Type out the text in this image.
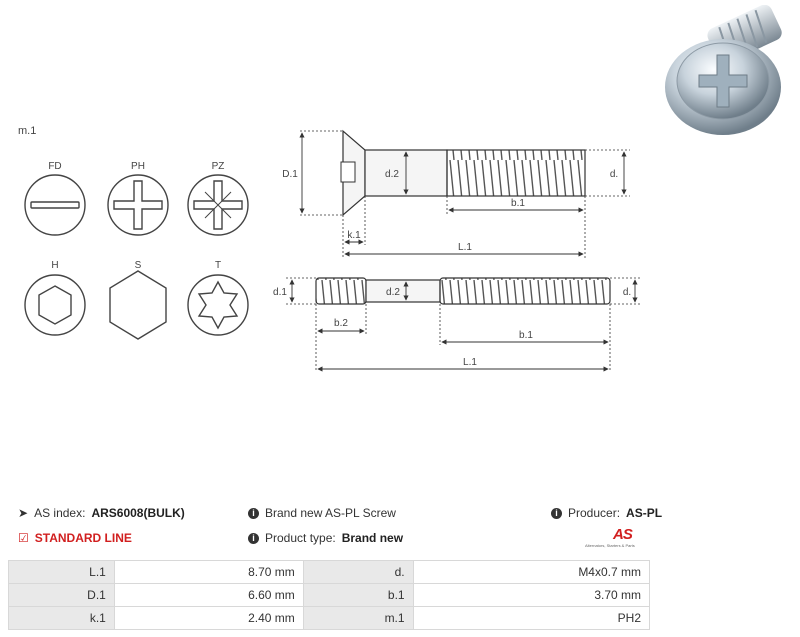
m.1
FD	PH	PZ
H	S	T
D.1	d.2	d.
b.1
k.1
L.1
d.1	d.2	d.
b.2
b.1
L.1
➤ AS index: ARS6008(BULK)
☑ STANDARD LINE
i Brand new AS-PL Screw
i Product type: Brand new
i Producer: AS-PL
AS
Alternators, Starters & Parts
L.1	8.70 mm	d.	M4x0.7 mm
D.1	6.60 mm	b.1	3.70 mm
k.1	2.40 mm	m.1	PH2
